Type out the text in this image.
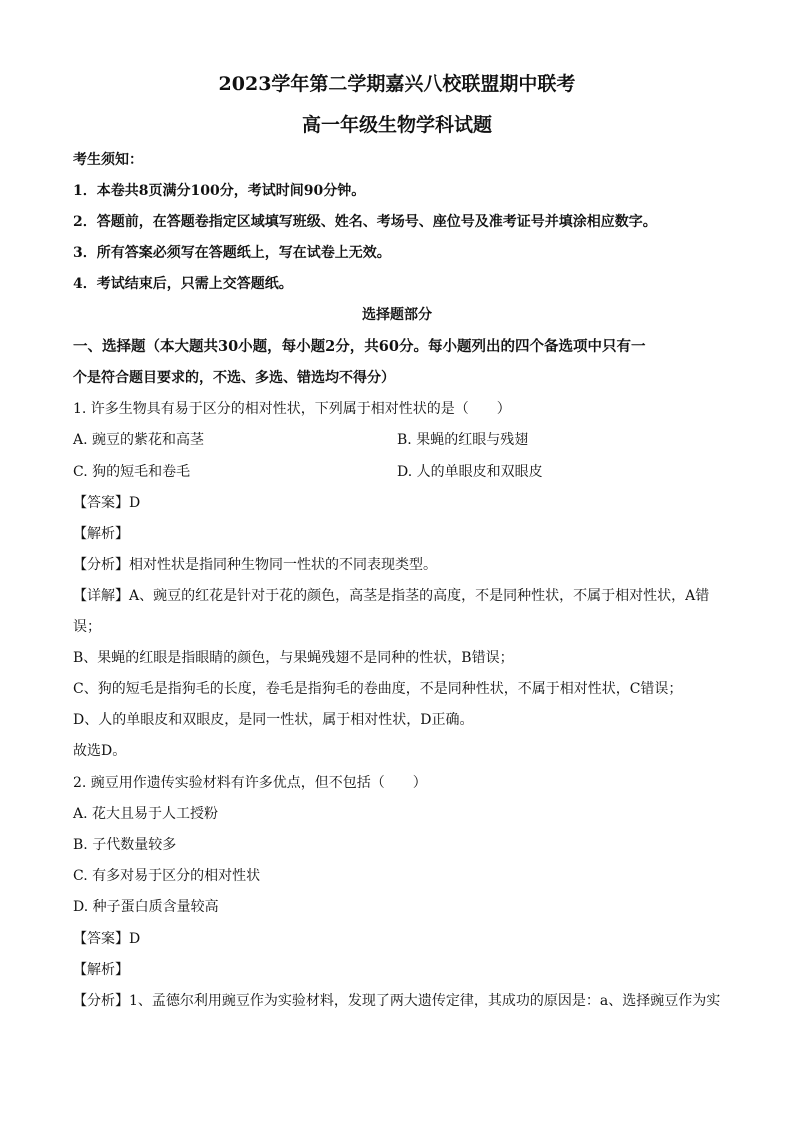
2023学年第二学期嘉兴八校联盟期中联考
高一年级生物学科试题
考生须知：
1．本卷共8页满分100分，考试时间90分钟。
2．答题前，在答题卷指定区域填写班级、姓名、考场号、座位号及准考证号并填涂相应数字。
3．所有答案必须写在答题纸上，写在试卷上无效。
4．考试结束后，只需上交答题纸。
选择题部分
一、选择题（本大题共30小题，每小题2分，共60分。每小题列出的四个备选项中只有一
个是符合题目要求的，不选、多选、错选均不得分）
1. 许多生物具有易于区分的相对性状，下列属于相对性状的是（　　）
A. 豌豆的紫花和高茎	B. 果蝇的红眼与残翅
C. 狗的短毛和卷毛	D. 人的单眼皮和双眼皮
【答案】D
【解析】
【分析】相对性状是指同种生物同一性状的不同表现类型。
【详解】A、豌豆的红花是针对于花的颜色，高茎是指茎的高度，不是同种性状，不属于相对性状，A错
误；
B、果蝇的红眼是指眼睛的颜色，与果蝇残翅不是同种的性状，B错误；
C、狗的短毛是指狗毛的长度，卷毛是指狗毛的卷曲度，不是同种性状，不属于相对性状，C错误；
D、人的单眼皮和双眼皮，是同一性状，属于相对性状，D正确。
故选D。
2. 豌豆用作遗传实验材料有许多优点，但不包括（　　）
A. 花大且易于人工授粉
B. 子代数量较多
C. 有多对易于区分的相对性状
D. 种子蛋白质含量较高
【答案】D
【解析】
【分析】1、孟德尔利用豌豆作为实验材料，发现了两大遗传定律，其成功的原因是：a、选择豌豆作为实
